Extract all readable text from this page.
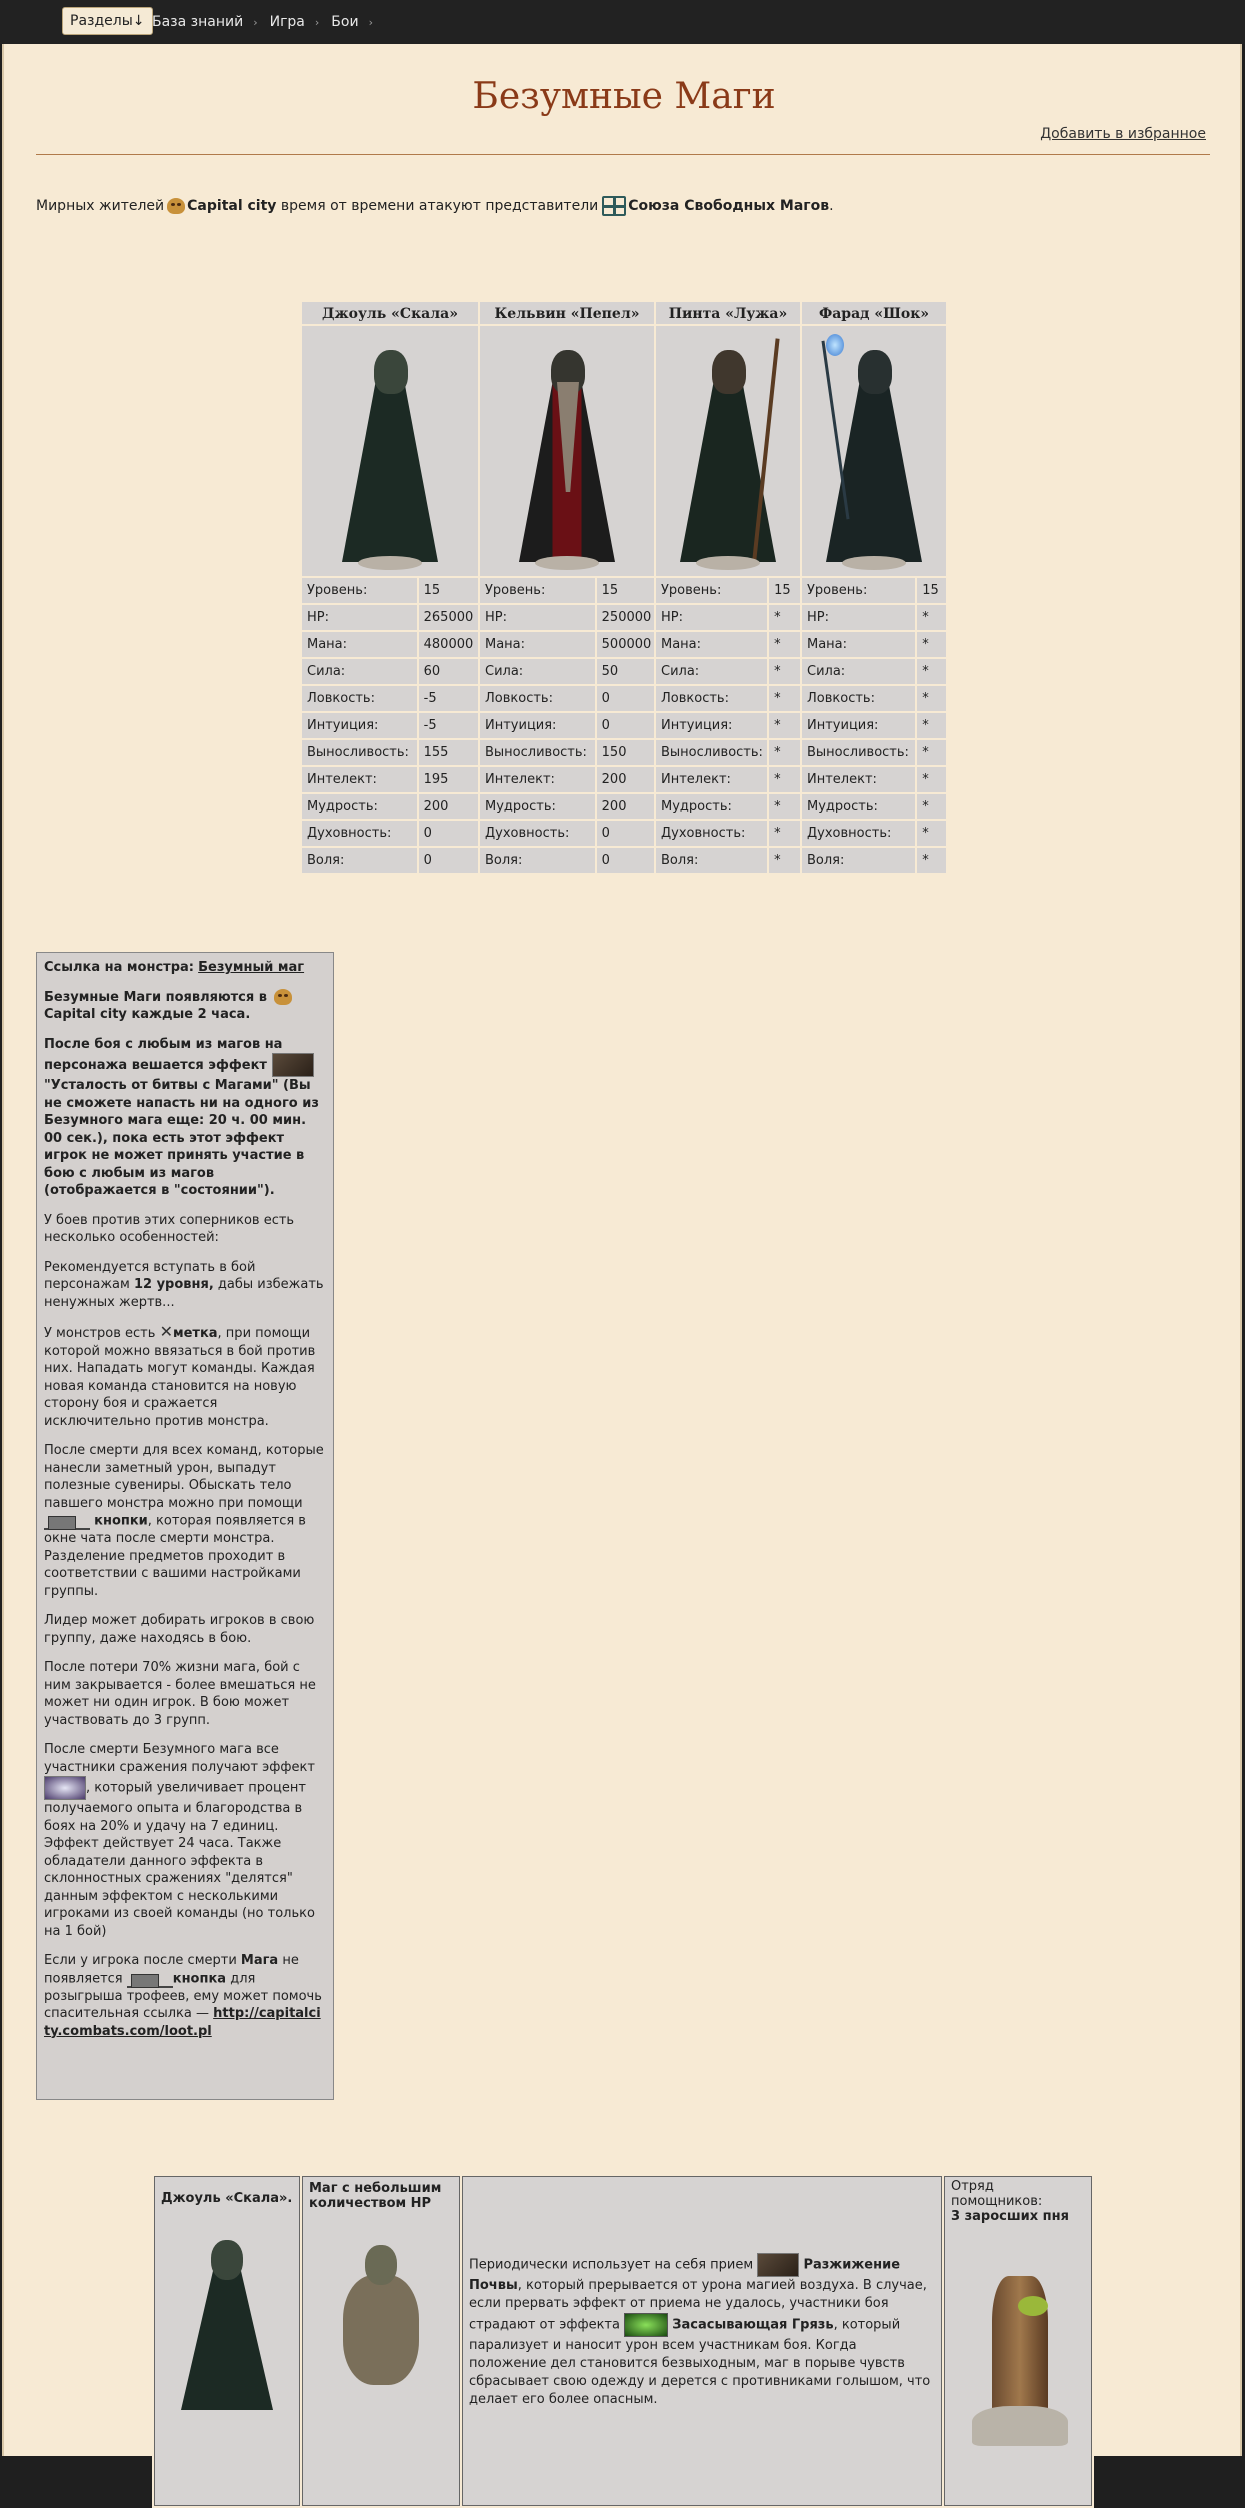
Разделы↓ База знаний › Игра › Бои ›
Безумные Маги
Добавить в избранное
Мирных жителей Capital city
время от времени атакуют представители Союза Свободных Магов .
Джоуль «Скала»		Кельвин «Пепел»		Пинта «Лужа»		Фарад «Шок»	

Уровень:	15	Уровень:	15	Уровень:	15	Уровень:	15
HP:	265000	HP:	250000	HP:	*	HP:	*
Мана:	480000	Мана:	500000	Мана:	*	Мана:	*
Сила:	60	Сила:	50	Сила:	*	Сила:	*
Ловкость:	-5	Ловкость:	0	Ловкость:	*	Ловкость:	*
Интуиция:	-5	Интуиция:	0	Интуиция:	*	Интуиция:	*
Выносливость:	155	Выносливость:	150	Выносливость:	*	Выносливость:	*
Интелект:	195	Интелект:	200	Интелект:	*	Интелект:	*
Мудрость:	200	Мудрость:	200	Мудрость:	*	Мудрость:	*
Духовность:	0	Духовность:	0	Духовность:	*	Духовность:	*
Воля:	0	Воля:	0	Воля:	*	Воля:	*

Ссылка на монстра: Безумный маг

Безумные Маги появляются в  Capital city каждые 2 часа.

После боя с любым из магов на персонажа вешается эффект  "Усталость от битвы с Магами" (Вы не сможете напасть ни на одного из Безумного мага еще: 20 ч. 00 мин. 00 сек.), пока есть этот эффект игрок не может принять участие в бою с любым из магов (отображается в "состоянии").

У боев против этих соперников есть несколько особенностей:

Рекомендуется вступать в бой персонажам 12 уровня, дабы избежать ненужных жертв...

У монстров есть ✕метка, при помощи которой можно ввязаться в бой против них. Нападать могут команды. Каждая новая команда становится на новую сторону боя и сражается исключительно против монстра.

После смерти для всех команд, которые нанесли заметный урон, выпадут полезные сувениры. Обыскать тело павшего монстра можно при помощи  кнопки, которая появляется в окне чата после смерти монстра. Разделение предметов проходит в соответствии с вашими настройками группы.

Лидер может добирать игроков в свою группу, даже находясь в бою.

После потери 70% жизни мага, бой с ним закрывается - более вмешаться не может ни один игрок. В бою может участвовать до 3 групп.

После смерти Безумного мага все участники сражения получают эффект , который увеличивает процент получаемого опыта и благородства в боях на 20% и удачу на 7 единиц. Эффект действует 24 часа. Также обладатели данного эффекта в склонностных сражениях "делятся" данным эффектом с несколькими игроками из своей команды (но только на 1 бой)

Если у игрока после смерти Мага не появляется	кнопка для розыгрыша трофеев, ему может помочь спасительная ссылка — http://capitalcity.combats.com/loot.pl

Джоуль «Скала».
	Маг с небольшим количеством HP
	Периодически использует на себя прием	Разжижение Почвы, который прерывается от урона магией воздуха. В случае, если прервать эффект от приема не удалось, участники боя страдают от эффекта	Засасывающая Грязь, который парализует и наносит урон всем участникам боя. Когда положение дел становится безвыходным, маг в порыве чувств сбрасывает свою одежду и дерется с противниками голышом, что делает его более опасным.	
Отряд помощников:
3 заросших пня
